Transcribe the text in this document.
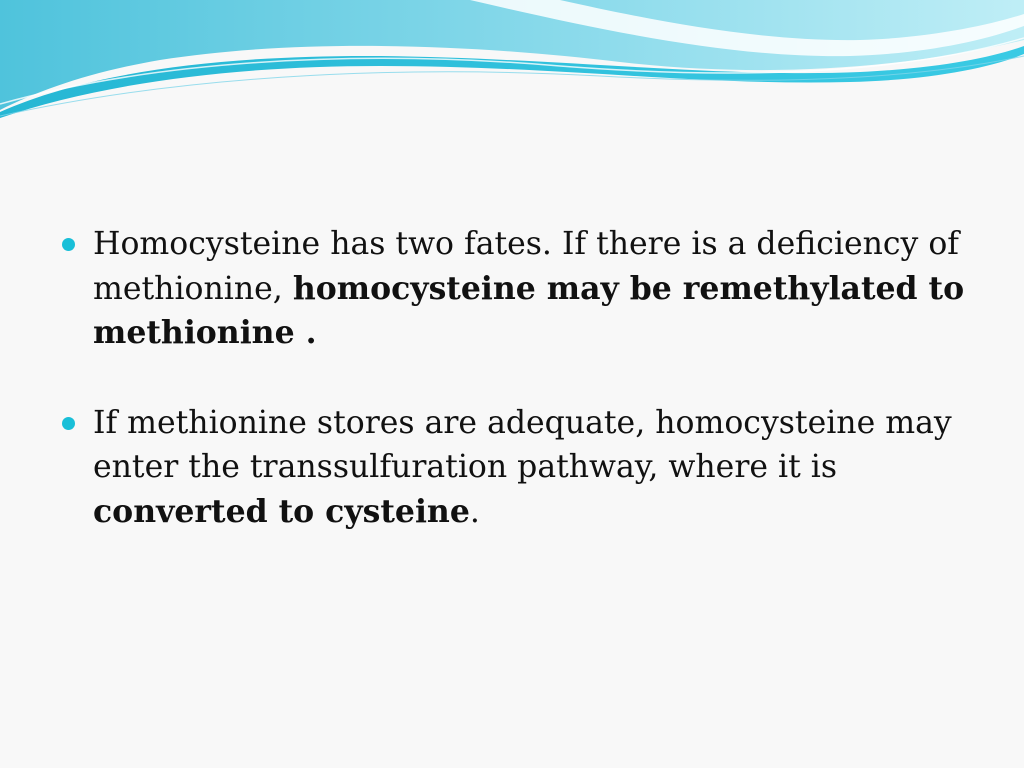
Homocysteine has two fates. If there is a deficiency of methionine, homocysteine may be remethylated to methionine .

If methionine stores are adequate, homocysteine may enter the transsulfuration pathway, where it is converted to cysteine.
